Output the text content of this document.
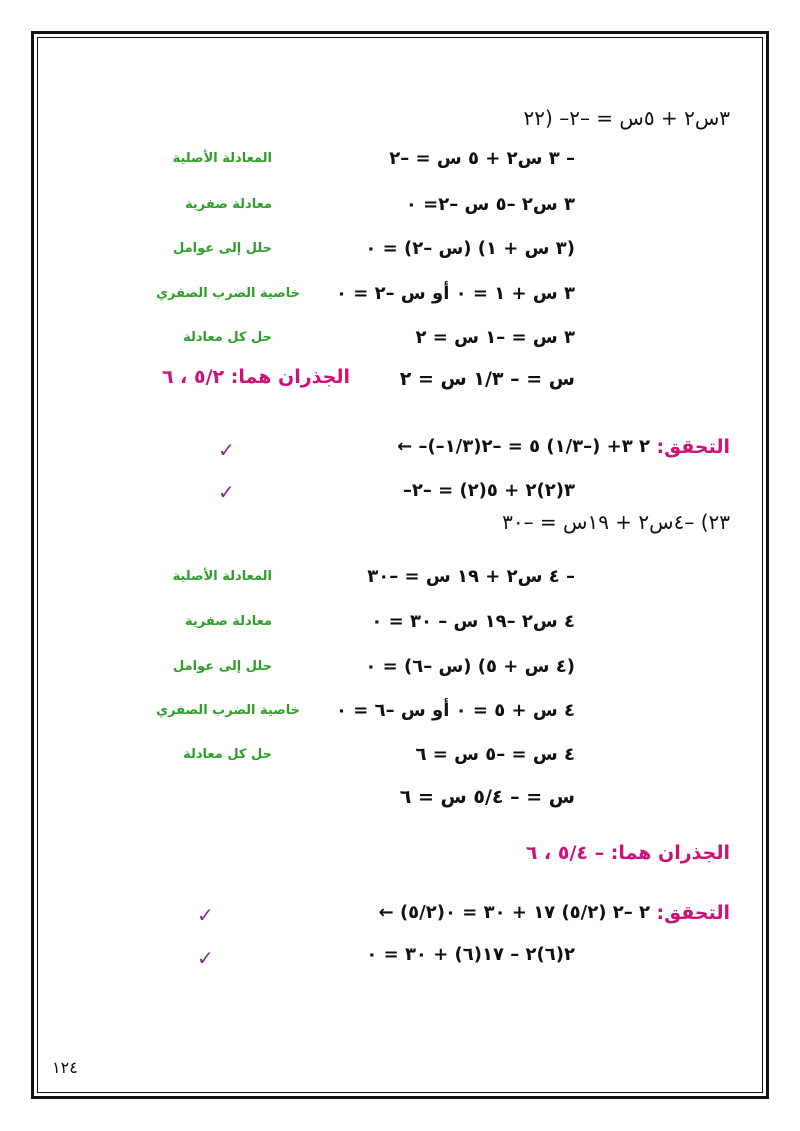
٢٢) ‎–٣س٢ + ٥س = –٢
– ٣ س٢ + ٥ س = –٢
المعادلة الأصلية
٣ س٢ –٥ س –٢= ٠
معادلة صفرية
(٣ س + ١) (س –٢) = ٠
حلل إلى عوامل
٣ س + ١ = ٠ أو س –٢ = ٠
خاصية الضرب الصفري
٣ س = –١ س = ٢
حل كل معادلة
س = – ١/٣ س = ٢
الجذران هما: ٥/٢ ، ٦
التحقق:
← –(–١/٣)٢ ٣+ (–١/٣) ٥ = –٢
✓
–٣(٢)٢ + ٥(٢) = –٢
✓
٢٣) –٤س٢ + ١٩س = –٣٠
– ٤ س٢ + ١٩ س = –٣٠
المعادلة الأصلية
٤ س٢ –١٩ س – ٣٠ = ٠
معادلة صفرية
(٤ س + ٥) (س –٦) = ٠
حلل إلى عوامل
٤ س + ٥ = ٠ أو س –٦ = ٠
خاصية الضرب الصفري
٤ س = –٥ س = ٦
حل كل معادلة
س = – ٥/٤ س = ٦
الجذران هما: – ٥/٤ ، ٦
التحقق:
← (٥/٢)٢ –٢ (٥/٢) ١٧ + ٣٠ = ٠
✓
٢(٦)٢ – ١٧(٦) + ٣٠ = ٠
✓
١٢٤
